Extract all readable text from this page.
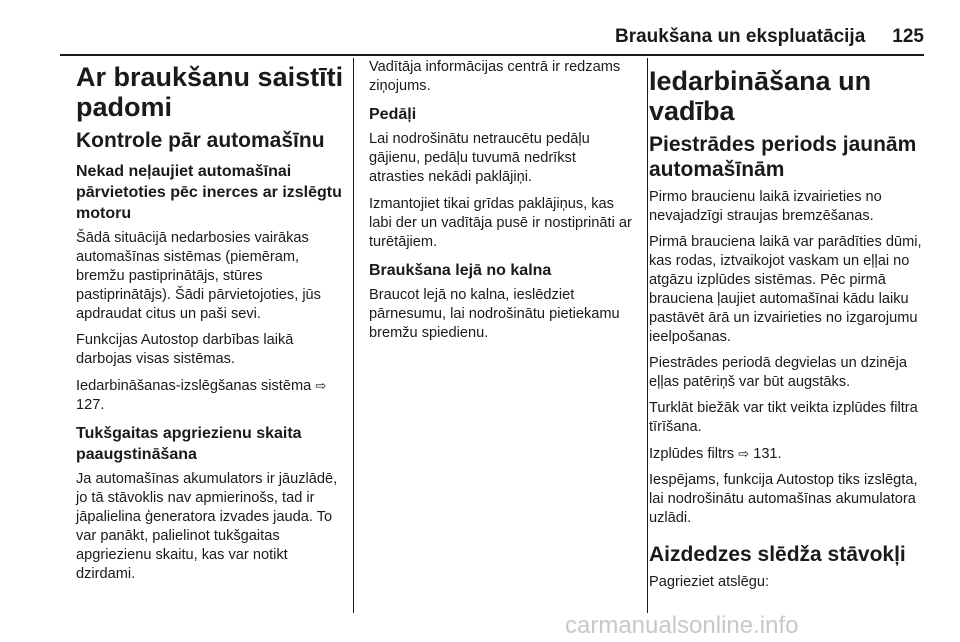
Braukšana un ekspluatācija 125
Ar braukšanu saistīti padomi
Kontrole pār automašīnu
Nekad neļaujiet automašīnai pārvietoties pēc inerces ar izslēgtu motoru

Šādā situācijā nedarbosies vairākas automašīnas sistēmas (piemēram, bremžu pastiprinātājs, stūres pastiprinātājs). Šādi pārvietojoties, jūs apdraudat citus un paši sevi.

Funkcijas Autostop darbības laikā darbojas visas sistēmas.

Iedarbināšanas-izslēgšanas sistēma ⇨ 127.

Tukšgaitas apgriezienu skaita paaugstināšana

Ja automašīnas akumulators ir jāuzlādē, jo tā stāvoklis nav apmierinošs, tad ir jāpalielina ģeneratora izvades jauda. To var panākt, palielinot tukšgaitas apgriezienu skaitu, kas var notikt dzirdami.

Vadītāja informācijas centrā ir redzams ziņojums.

Pedāļi

Lai nodrošinātu netraucētu pedāļu gājienu, pedāļu tuvumā nedrīkst atrasties nekādi paklājiņi.

Izmantojiet tikai grīdas paklājiņus, kas labi der un vadītāja pusē ir nostiprināti ar turētājiem.

Braukšana lejā no kalna

Braucot lejā no kalna, ieslēdziet pārnesumu, lai nodrošinātu pietiekamu bremžu spiedienu.

Iedarbināšana un vadība
Piestrādes periods jaunām automašīnām

Pirmo braucienu laikā izvairieties no nevajadzīgi straujas bremzēšanas.

Pirmā brauciena laikā var parādīties dūmi, kas rodas, iztvaikojot vaskam un eļļai no atgāzu izplūdes sistēmas. Pēc pirmā brauciena ļaujiet automašīnai kādu laiku pastāvēt ārā un izvairieties no izgarojumu ieelpošanas.

Piestrādes periodā degvielas un dzinēja eļļas patēriņš var būt augstāks.

Turklāt biežāk var tikt veikta izplūdes filtra tīrīšana.

Izplūdes filtrs ⇨ 131.

Iespējams, funkcija Autostop tiks izslēgta, lai nodrošinātu automašīnas akumulatora uzlādi.

Aizdedzes slēdža stāvokļi

Pagrieziet atslēgu:

carmanualsonline.info
